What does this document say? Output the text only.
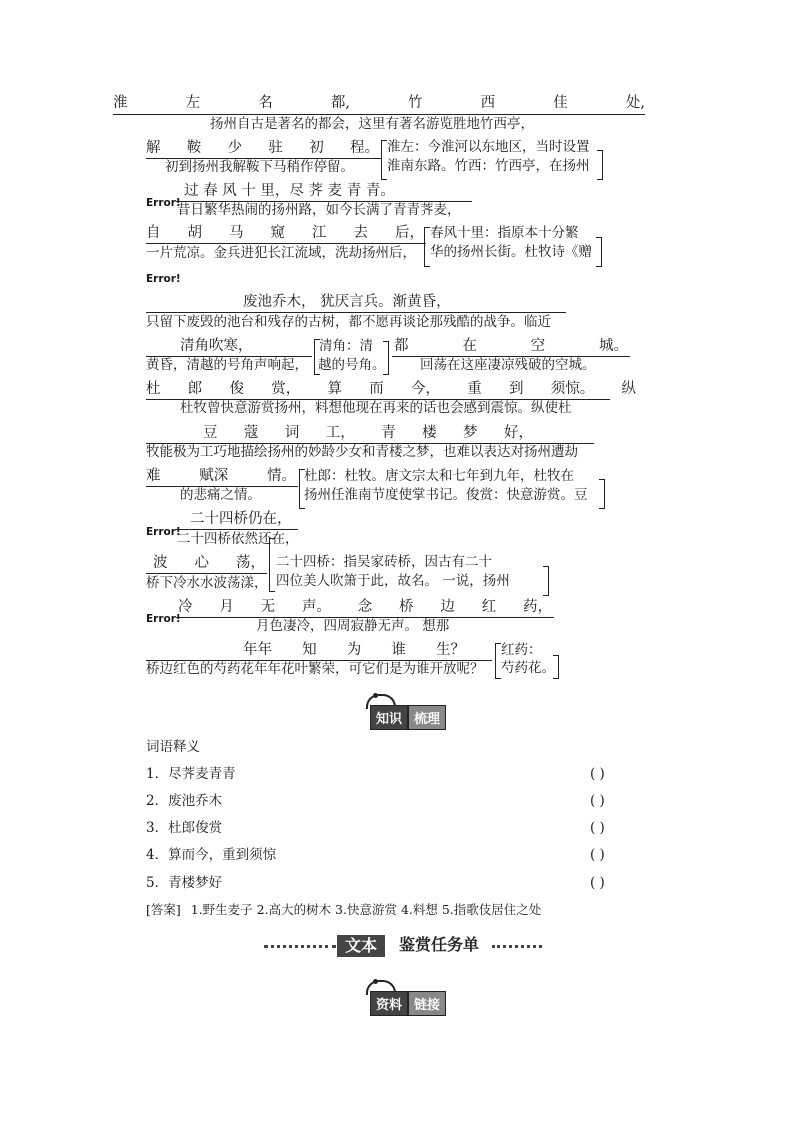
淮	左	名	都,	竹	西	佳	处,
扬州自古是著名的都会，这里有著名游览胜地竹西亭，
解 鞍 少 驻 初 程。 淮左：今淮河以东地区，当时设置
淮南东路。竹西：竹西亭，在扬州
初到扬州我解鞍下马稍作停留。
Error!
过 春 风 十 里，尽 荠 麦 青 青。
昔日繁华热闹的扬州路，如今长满了青青荠麦，
自 胡 马 窥 江 去 后， 春风十里：指原本十分繁
华的扬州长街。杜牧诗《赠
一片荒凉。金兵进犯长江流域，洗劫扬州后，
Error!
废池乔木， 犹厌言兵。渐黄昏，
只留下废毁的池台和残存的古树，都不愿再谈论那残酷的战争。临近
清角吹寒，	清角：清 都	在	空	城。
黄昏，清越的号角声响起， 越的号角。	回荡在这座凄凉残破的空城。
杜 郎 俊 赏， 算 而 今， 重 到 须惊。 纵
杜牧曾快意游赏扬州，料想他现在再来的话也会感到震惊。纵使杜
豆 蔻 词 工， 青 楼 梦 好，
牧能极为工巧地描绘扬州的妙龄少女和青楼之梦，也难以表达对扬州遭劫
难	赋深	情。 杜郎：杜牧。唐文宗太和七年到九年，杜牧在
扬州任淮南节度使掌书记。俊赏：快意游赏。豆
的悲痛之情。
Error!
二十四桥仍在，
二十四桥依然还在，
波 心 荡， 二十四桥：指吴家砖桥，因古有二十
四位美人吹箫于此，故名。 一说，扬州
桥下冷水水波荡漾，
Error!
冷 月 无 声。 念 桥 边 红 药，
月色凄冷，四周寂静无声。 想那
年年 知 为 谁 生？	红药：
芍药花。
桥边红色的芍药花年年花叶繁荣，可它们是为谁开放呢？
知识 梳理
词语释义
1．尽荠麦青青	( )
2．废池乔木	( )
3．杜郎俊赏	( )
4．算而今，重到须惊	( )
5．青楼梦好	( )
[答案] 1.野生麦子 2.高大的树木 3.快意游赏 4.料想 5.指歌伎居住之处
文本	鉴赏任务单
资料 链接
